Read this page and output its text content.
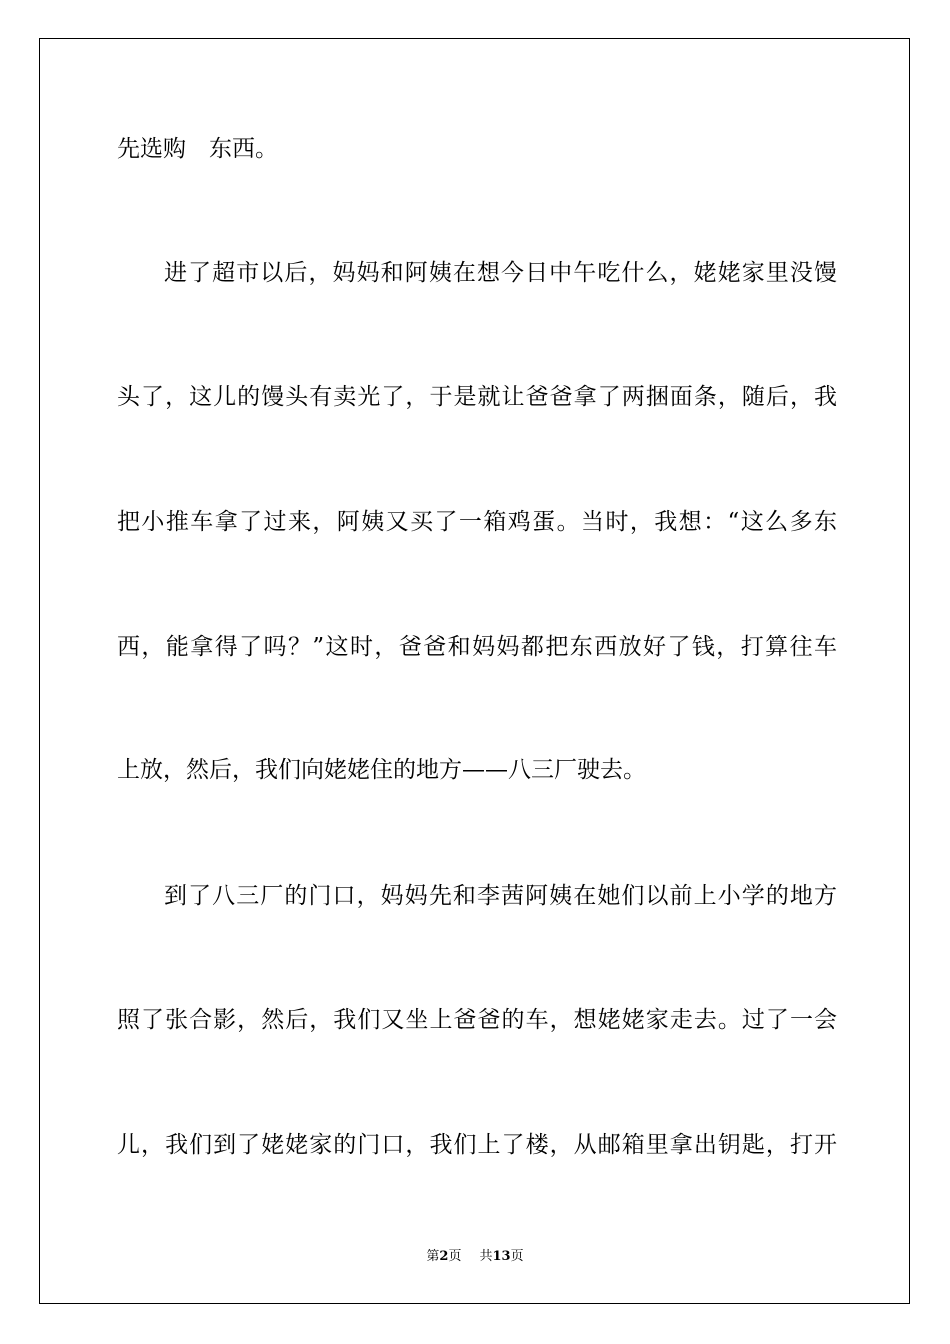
先选购　东西。
进了超市以后，妈妈和阿姨在想今日中午吃什么，姥姥家里没馒
头了，这儿的馒头有卖光了，于是就让爸爸拿了两捆面条，随后，我
把小推车拿了过来，阿姨又买了一箱鸡蛋。当时，我想：“这么多东
西，能拿得了吗？”这时，爸爸和妈妈都把东西放好了钱，打算往车
上放，然后，我们向姥姥住的地方——八三厂驶去。
到了八三厂的门口，妈妈先和李茜阿姨在她们以前上小学的地方
照了张合影，然后，我们又坐上爸爸的车，想姥姥家走去。过了一会
儿，我们到了姥姥家的门口，我们上了楼，从邮箱里拿出钥匙，打开
第2页 共13页
